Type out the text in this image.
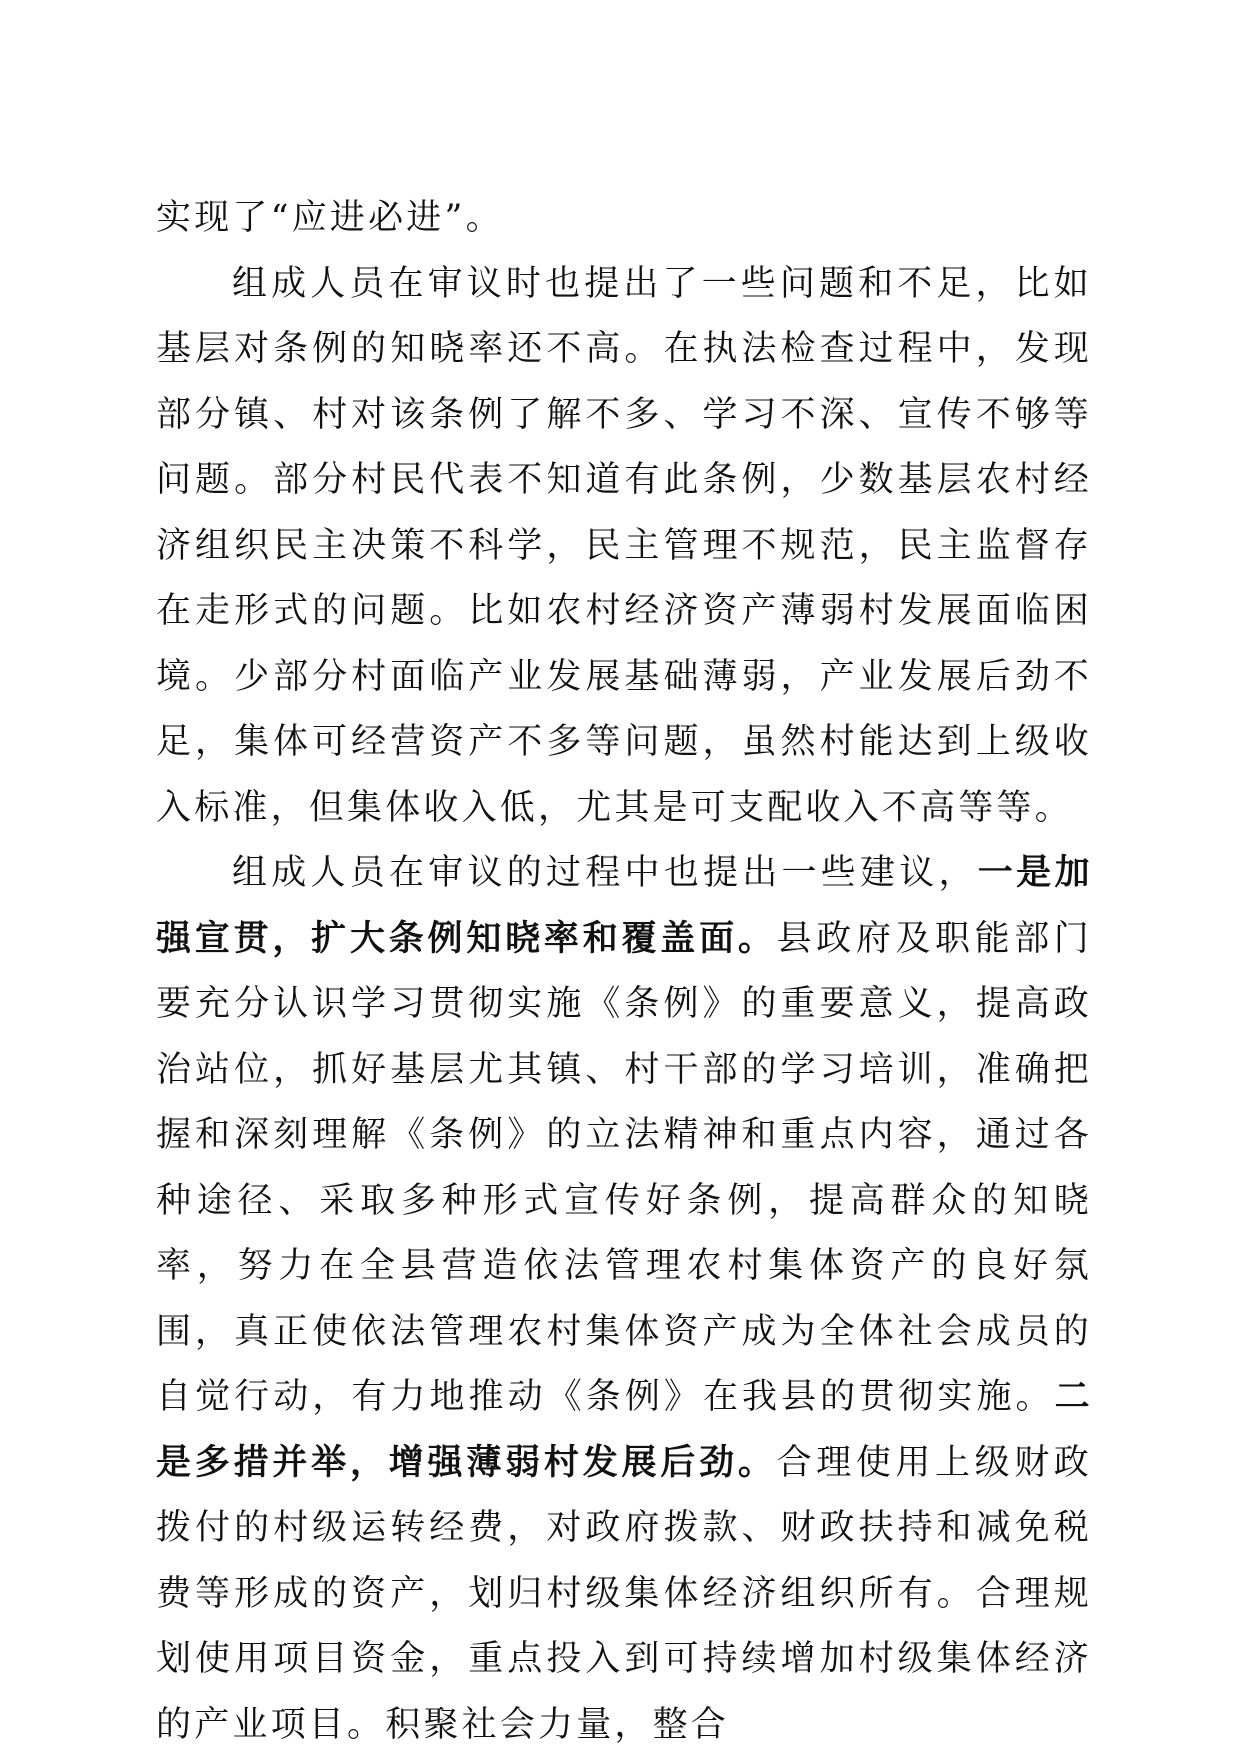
实现了“应进必进”。

组成人员在审议时也提出了一些问题和不足，比如基层对条例的知晓率还不高。在执法检查过程中，发现部分镇、村对该条例了解不多、学习不深、宣传不够等问题。部分村民代表不知道有此条例，少数基层农村经济组织民主决策不科学，民主管理不规范，民主监督存在走形式的问题。比如农村经济资产薄弱村发展面临困境。少部分村面临产业发展基础薄弱，产业发展后劲不足，集体可经营资产不多等问题，虽然村能达到上级收入标准，但集体收入低，尤其是可支配收入不高等等。

组成人员在审议的过程中也提出一些建议，一是加强宣贯，扩大条例知晓率和覆盖面。县政府及职能部门要充分认识学习贯彻实施《条例》的重要意义，提高政治站位，抓好基层尤其镇、村干部的学习培训，准确把握和深刻理解《条例》的立法精神和重点内容，通过各种途径、采取多种形式宣传好条例，提高群众的知晓率，努力在全县营造依法管理农村集体资产的良好氛围，真正使依法管理农村集体资产成为全体社会成员的自觉行动，有力地推动《条例》在我县的贯彻实施。二是多措并举，增强薄弱村发展后劲。合理使用上级财政拨付的村级运转经费，对政府拨款、财政扶持和减免税费等形成的资产，划归村级集体经济组织所有。合理规划使用项目资金，重点投入到可持续增加村级集体经济的产业项目。积聚社会力量，整合
